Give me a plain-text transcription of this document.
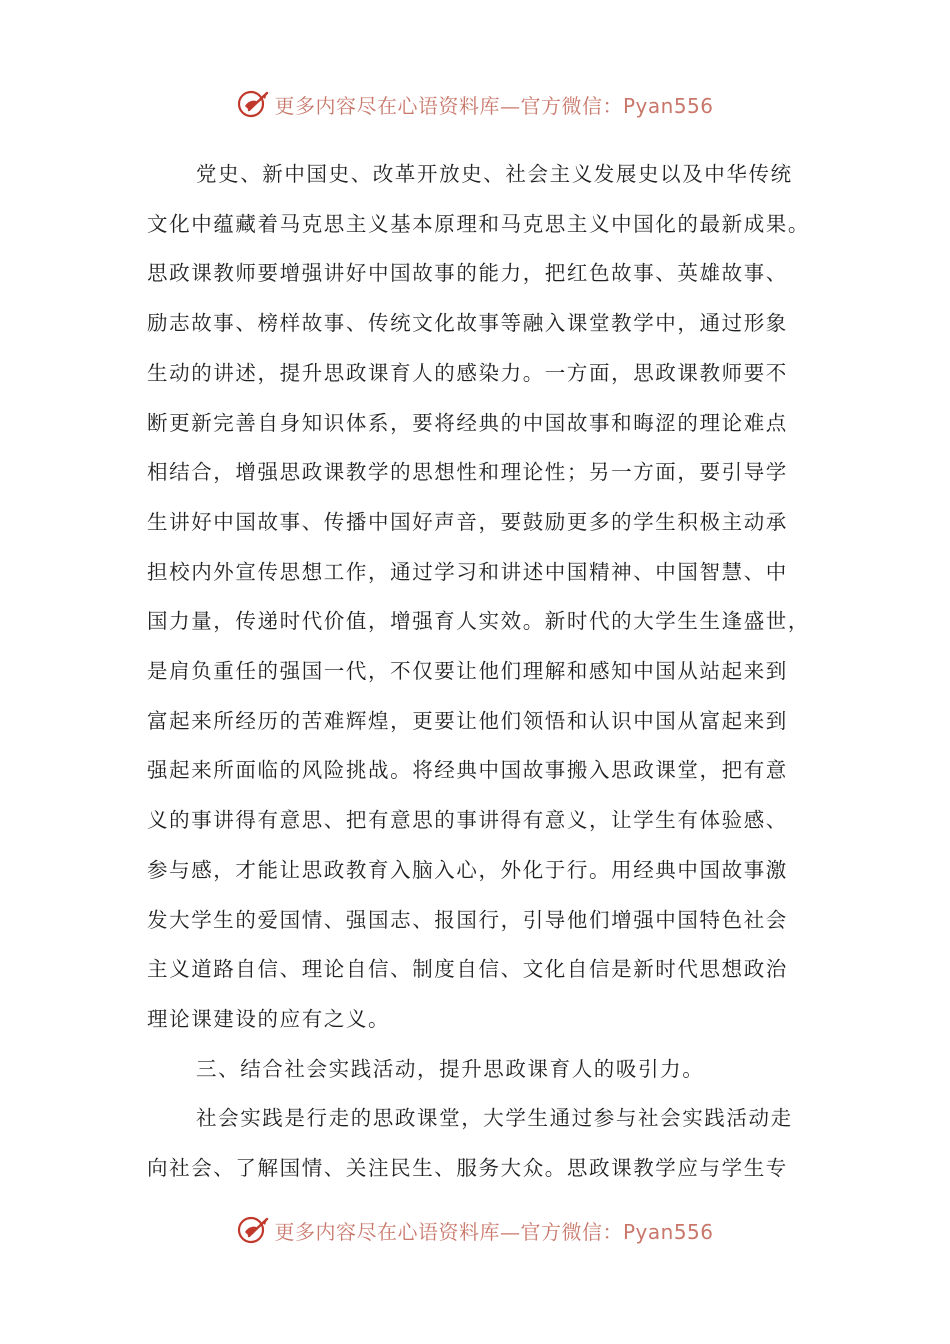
更多内容尽在心语资料库—官方微信：Pyan556

党史、新中国史、改革开放史、社会主义发展史以及中华传统

文化中蕴藏着马克思主义基本原理和马克思主义中国化的最新成果。

思政课教师要增强讲好中国故事的能力，把红色故事、英雄故事、

励志故事、榜样故事、传统文化故事等融入课堂教学中，通过形象

生动的讲述，提升思政课育人的感染力。一方面，思政课教师要不

断更新完善自身知识体系，要将经典的中国故事和晦涩的理论难点

相结合，增强思政课教学的思想性和理论性；另一方面，要引导学

生讲好中国故事、传播中国好声音，要鼓励更多的学生积极主动承

担校内外宣传思想工作，通过学习和讲述中国精神、中国智慧、中

国力量，传递时代价值，增强育人实效。新时代的大学生生逢盛世，

是肩负重任的强国一代，不仅要让他们理解和感知中国从站起来到

富起来所经历的苦难辉煌，更要让他们领悟和认识中国从富起来到

强起来所面临的风险挑战。将经典中国故事搬入思政课堂，把有意

义的事讲得有意思、把有意思的事讲得有意义，让学生有体验感、

参与感，才能让思政教育入脑入心，外化于行。用经典中国故事激

发大学生的爱国情、强国志、报国行，引导他们增强中国特色社会

主义道路自信、理论自信、制度自信、文化自信是新时代思想政治

理论课建设的应有之义。

三、结合社会实践活动，提升思政课育人的吸引力。

社会实践是行走的思政课堂，大学生通过参与社会实践活动走

向社会、了解国情、关注民生、服务大众。思政课教学应与学生专

更多内容尽在心语资料库—官方微信：Pyan556
